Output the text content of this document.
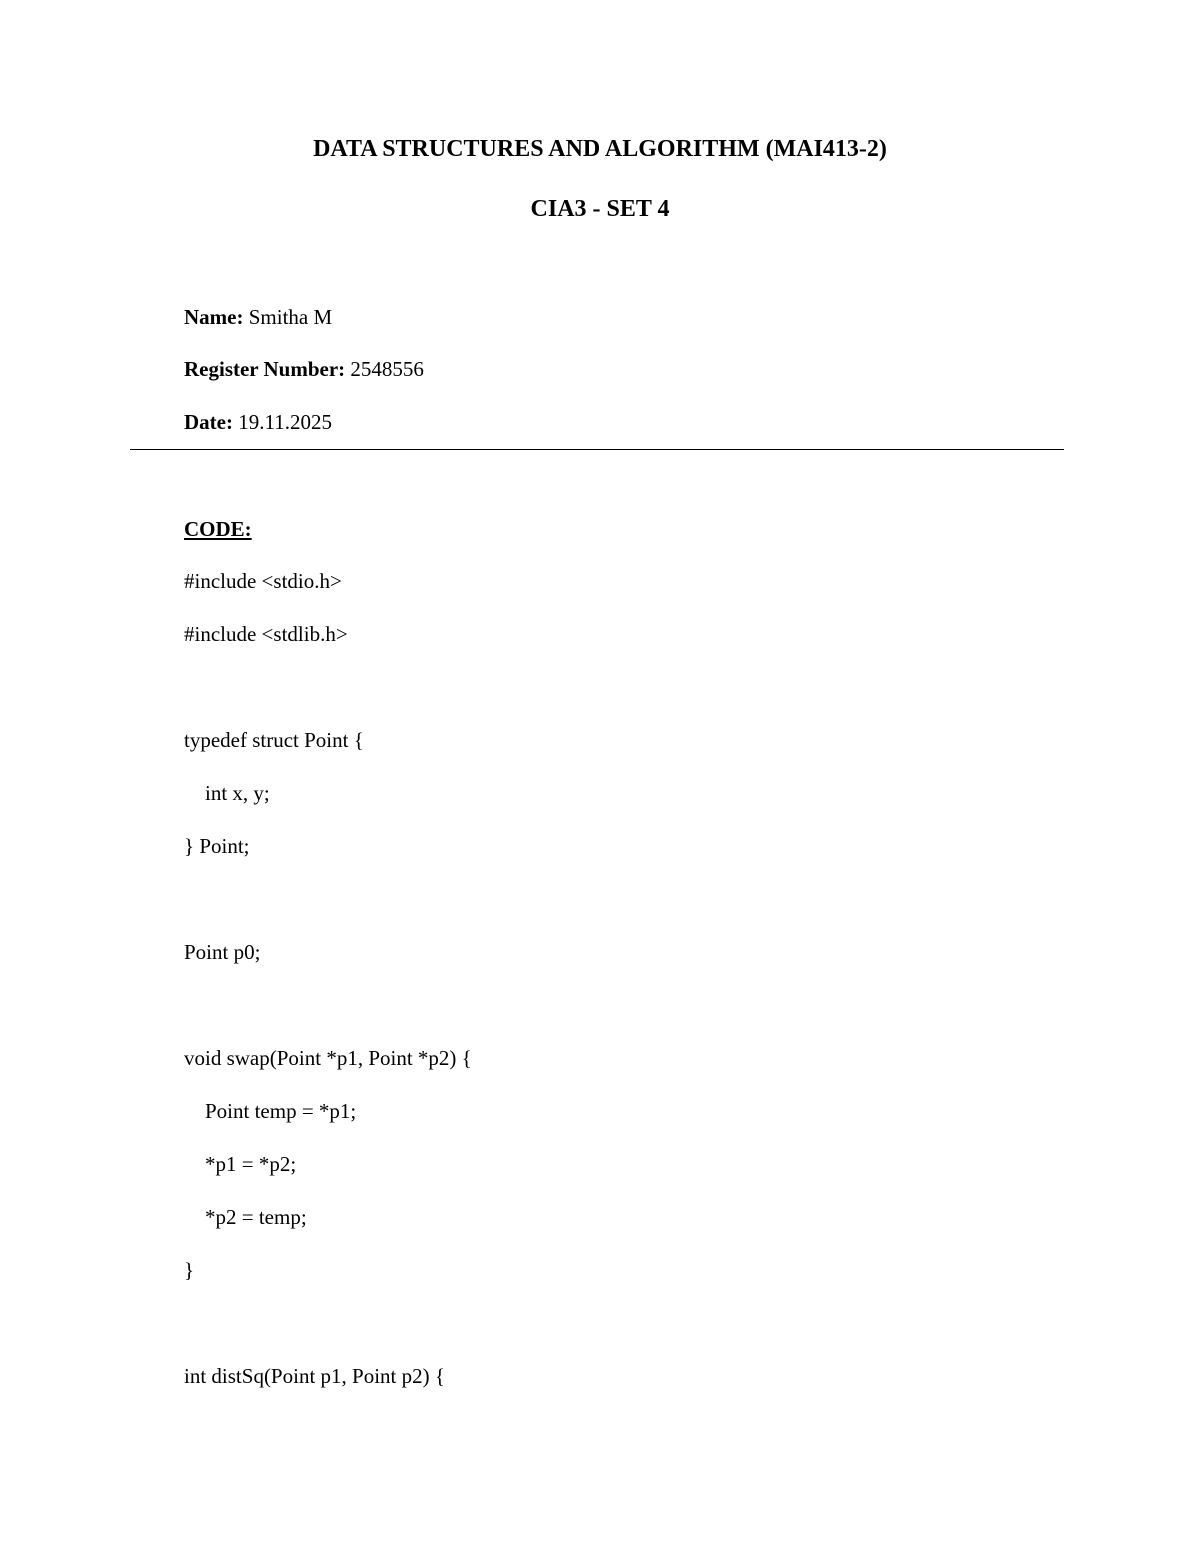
DATA STRUCTURES AND ALGORITHM (MAI413-2)
CIA3 - SET 4

Name: Smitha M

Register Number: 2548556

Date: 19.11.2025

CODE:

#include <stdio.h>

#include <stdlib.h>

typedef struct Point {

int x, y;

} Point;

Point p0;

void swap(Point *p1, Point *p2) {

Point temp = *p1;

*p1 = *p2;

*p2 = temp;

}

int distSq(Point p1, Point p2) {
